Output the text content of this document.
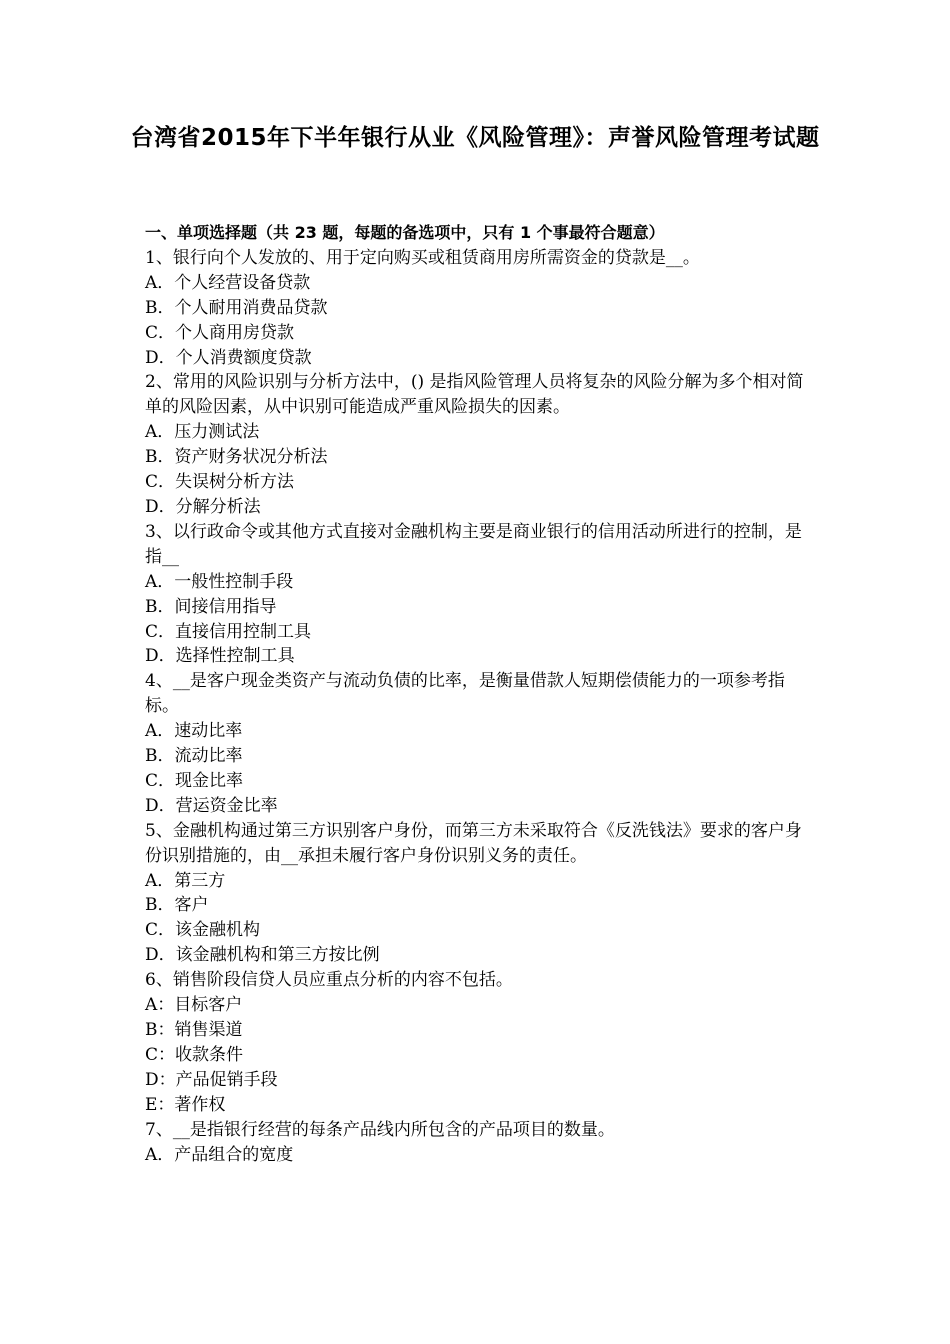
台湾省2015年下半年银行从业《风险管理》：声誉风险管理考试题
一、单项选择题（共 23 题，每题的备选项中，只有 1 个事最符合题意）
1、银行向个人发放的、用于定向购买或租赁商用房所需资金的贷款是__。
A．个人经营设备贷款
B．个人耐用消费品贷款
C．个人商用房贷款
D．个人消费额度贷款
2、常用的风险识别与分析方法中，() 是指风险管理人员将复杂的风险分解为多个相对简单的风险因素，从中识别可能造成严重风险损失的因素。
A．压力测试法
B．资产财务状况分析法
C．失误树分析方法
D．分解分析法
3、以行政命令或其他方式直接对金融机构主要是商业银行的信用活动所进行的控制，是指__
A．一般性控制手段
B．间接信用指导
C．直接信用控制工具
D．选择性控制工具
4、__是客户现金类资产与流动负债的比率，是衡量借款人短期偿债能力的一项参考指标。
A．速动比率
B．流动比率
C．现金比率
D．营运资金比率
5、金融机构通过第三方识别客户身份，而第三方未采取符合《反洗钱法》要求的客户身份识别措施的，由__承担未履行客户身份识别义务的责任。
A．第三方
B．客户
C．该金融机构
D．该金融机构和第三方按比例
6、销售阶段信贷人员应重点分析的内容不包括。
A：目标客户
B：销售渠道
C：收款条件
D：产品促销手段
E：著作权
7、__是指银行经营的每条产品线内所包含的产品项目的数量。
A．产品组合的宽度
